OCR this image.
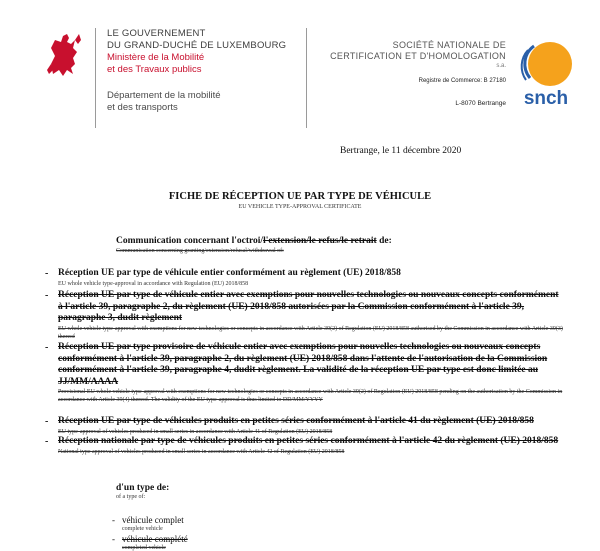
LE GOUVERNEMENT
DU GRAND-DUCHÉ DE LUXEMBOURG
Ministère de la Mobilité
et des Travaux publics
Département de la mobilité
et des transports
SOCIÉTÉ NATIONALE DE
CERTIFICATION ET D'HOMOLOGATION
s.a.
Registre de Commerce: B 27180
L-8070 Bertrange snch
Bertrange, le 11 décembre 2020
FICHE DE RÉCEPTION UE PAR TYPE DE VÉHICULE
EU VEHICLE TYPE-APPROVAL CERTIFICATE
Communication concernant l'octroi/l'extension/le refus/le retrait de:
Communication concerning granting/extension/refusal/withdrawal of:
- Réception UE par type de véhicule entier conformément au règlement (UE) 2018/858
EU whole vehicle type-approval in accordance with Regulation (EU) 2018/858
- Réception UE par type de véhicule entier avec exemptions pour nouvelles technologies ou nouveaux concepts conformément à l'article 39, paragraphe 2, du règlement (UE) 2018/858 autorisées par la Commission conformément à l'article 39, paragraphe 3, dudit règlement
EU whole vehicle type-approval with exemptions for new technologies or concepts in accordance with Article 39(2) of Regulation (EU) 2018/858 authorised by the Commission in accordance with Article 39(3) thereof
- Réception UE par type provisoire de véhicule entier avec exemptions pour nouvelles technologies ou nouveaux concepts conformément à l'article 39, paragraphe 2, du règlement (UE) 2018/858 dans l'attente de l'autorisation de la Commission conformément à l'article 39, paragraphe 4, dudit règlement. La validité de la réception UE par type est donc limitée au JJ/MM/AAAA
Provisional EU whole vehicle type-approval with exemptions for new technologies or concepts in accordance with Article 39(2) of Regulation (EU) 2018/858 pending on the authorisation by the Commission in accordance with Article 39(4) thereof. The validity of the EU type-approval is thus limited to DD/MM/YYYY
- Réception UE par type de véhicules produits en petites séries conformément à l'article 41 du règlement (UE) 2018/858
EU type-approval of vehicles produced in small series in accordance with Article 41 of Regulation (EU) 2018/858
- Réception nationale par type de véhicules produits en petites séries conformément à l'article 42 du règlement (UE) 2018/858
National type approval of vehicles produced in small series in accordance with Article 42 of Regulation (EU) 2018/858
d'un type de:
of a type of:
- véhicule complet
complete vehicle
- véhicule complété
completed vehicle
